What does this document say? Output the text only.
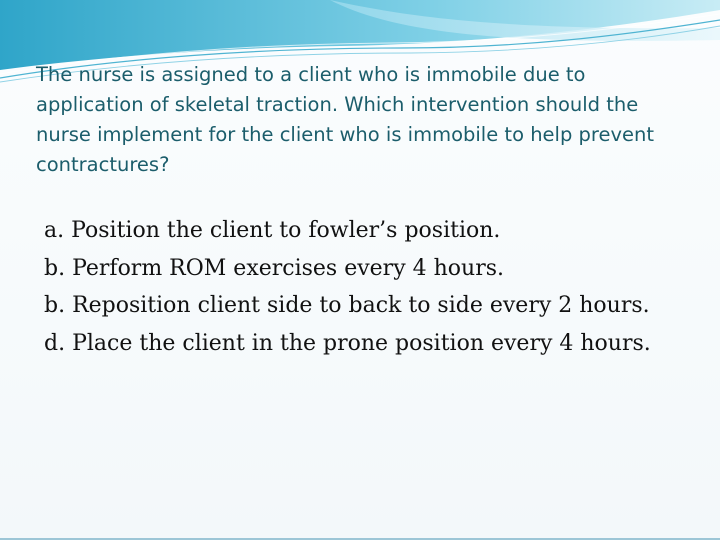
The nurse is assigned to a client who is immobile due to application of skeletal traction. Which intervention should the nurse implement for the client who is immobile to help prevent contractures?
a. Position the client to fowler’s position.
b. Perform ROM exercises every 4 hours.
b. Reposition client side to back to side every 2 hours.
d. Place the client in the prone position every 4 hours.
